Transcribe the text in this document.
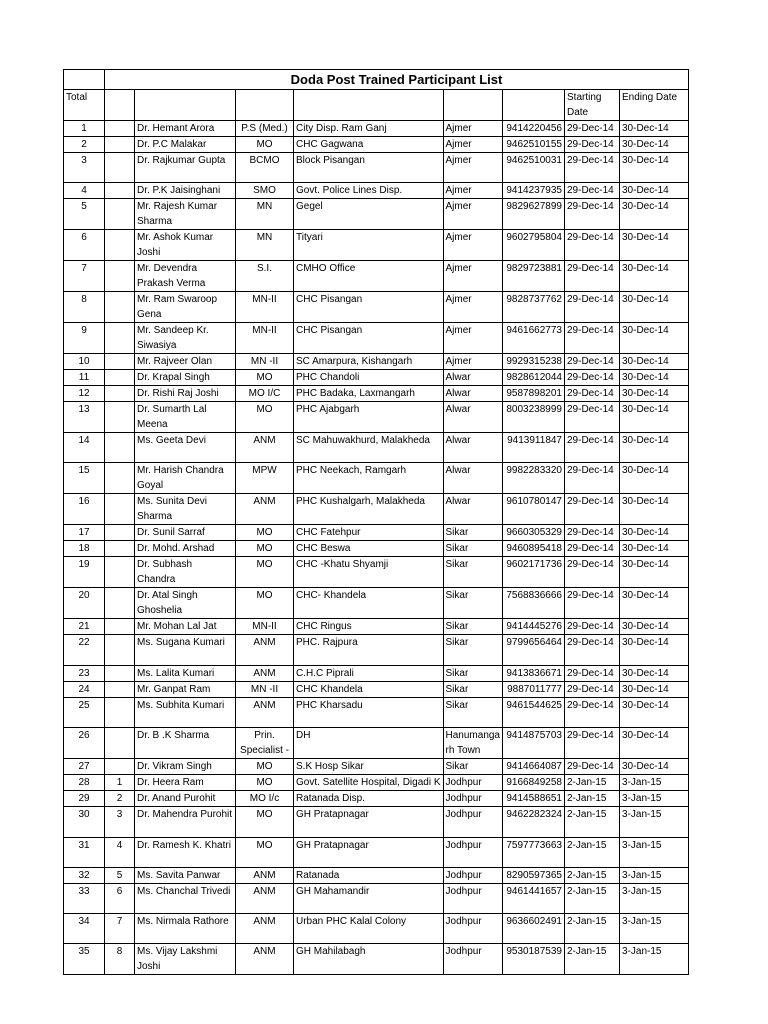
	Doda Post Trained Participant List							
Total							Starting Date	Ending Date
1		Dr. Hemant Arora	P.S (Med.)	City Disp. Ram Ganj	Ajmer	9414220456	29-Dec-14	30-Dec-14
2		Dr. P.C Malakar	MO	CHC Gagwana	Ajmer	9462510155	29-Dec-14	30-Dec-14
3		Dr. Rajkumar Gupta	BCMO	Block Pisangan	Ajmer	9462510031	29-Dec-14	30-Dec-14
4		Dr. P.K Jaisinghani	SMO	Govt. Police Lines Disp.	Ajmer	9414237935	29-Dec-14	30-Dec-14
5		Mr. Rajesh Kumar Sharma	MN	Gegel	Ajmer	9829627899	29-Dec-14	30-Dec-14
6		Mr. Ashok Kumar Joshi	MN	Tityari	Ajmer	9602795804	29-Dec-14	30-Dec-14
7		Mr. Devendra Prakash Verma	S.I.	CMHO Office	Ajmer	9829723881	29-Dec-14	30-Dec-14
8		Mr. Ram Swaroop Gena	MN-II	CHC Pisangan	Ajmer	9828737762	29-Dec-14	30-Dec-14
9		Mr. Sandeep Kr. Siwasiya	MN-II	CHC Pisangan	Ajmer	9461662773	29-Dec-14	30-Dec-14
10		Mr. Rajveer Olan	MN -II	SC Amarpura, Kishangarh	Ajmer	9929315238	29-Dec-14	30-Dec-14
11		Dr. Krapal Singh	MO	PHC Chandoli	Alwar	9828612044	29-Dec-14	30-Dec-14
12		Dr. Rishi Raj Joshi	MO I/C	PHC Badaka, Laxmangarh	Alwar	9587898201	29-Dec-14	30-Dec-14
13		Dr. Sumarth Lal Meena	MO	PHC Ajabgarh	Alwar	8003238999	29-Dec-14	30-Dec-14
14		Ms. Geeta Devi	ANM	SC Mahuwakhurd, Malakheda	Alwar	9413911847	29-Dec-14	30-Dec-14
15		Mr. Harish Chandra Goyal	MPW	PHC Neekach, Ramgarh	Alwar	9982283320	29-Dec-14	30-Dec-14
16		Ms. Sunita Devi Sharma	ANM	PHC Kushalgarh, Malakheda	Alwar	9610780147	29-Dec-14	30-Dec-14
17		Dr. Sunil Sarraf	MO	CHC Fatehpur	Sikar	9660305329	29-Dec-14	30-Dec-14
18		Dr. Mohd. Arshad	MO	CHC Beswa	Sikar	9460895418	29-Dec-14	30-Dec-14
19		Dr. Subhash Chandra	MO	CHC -Khatu Shyamji	Sikar	9602171736	29-Dec-14	30-Dec-14
20		Dr. Atal Singh Ghoshelia	MO	CHC- Khandela	Sikar	7568836666	29-Dec-14	30-Dec-14
21		Mr. Mohan Lal Jat	MN-II	CHC Ringus	Sikar	9414445276	29-Dec-14	30-Dec-14
22		Ms. Sugana Kumari	ANM	PHC. Rajpura	Sikar	9799656464	29-Dec-14	30-Dec-14
23		Ms. Lalita Kumari	ANM	C.H.C Piprali	Sikar	9413836671	29-Dec-14	30-Dec-14
24		Mr. Ganpat Ram	MN -II	CHC Khandela	Sikar	9887011777	29-Dec-14	30-Dec-14
25		Ms. Subhita Kumari	ANM	PHC Kharsadu	Sikar	9461544625	29-Dec-14	30-Dec-14
26		Dr. B .K Sharma	Prin. Specialist -	DH	Hanumanga rh Town	9414875703	29-Dec-14	30-Dec-14
27		Dr. Vikram Singh	MO	S.K Hosp Sikar	Sikar	9414664087	29-Dec-14	30-Dec-14
28	1	Dr. Heera Ram	MO	Govt. Satellite Hospital, Digadi K	Jodhpur	9166849258	2-Jan-15	3-Jan-15
29	2	Dr. Anand Purohit	MO I/c	Ratanada Disp.	Jodhpur	9414588651	2-Jan-15	3-Jan-15
30	3	Dr. Mahendra Purohit	MO	GH Pratapnagar	Jodhpur	9462282324	2-Jan-15	3-Jan-15
31	4	Dr. Ramesh K. Khatri	MO	GH Pratapnagar	Jodhpur	7597773663	2-Jan-15	3-Jan-15
32	5	Ms. Savita Panwar	ANM	Ratanada	Jodhpur	8290597365	2-Jan-15	3-Jan-15
33	6	Ms. Chanchal Trivedi	ANM	GH Mahamandir	Jodhpur	9461441657	2-Jan-15	3-Jan-15
34	7	Ms. Nirmala Rathore	ANM	Urban PHC Kalal Colony	Jodhpur	9636602491	2-Jan-15	3-Jan-15
35	8	Ms. Vijay Lakshmi Joshi	ANM	GH Mahilabagh	Jodhpur	9530187539	2-Jan-15	3-Jan-15
